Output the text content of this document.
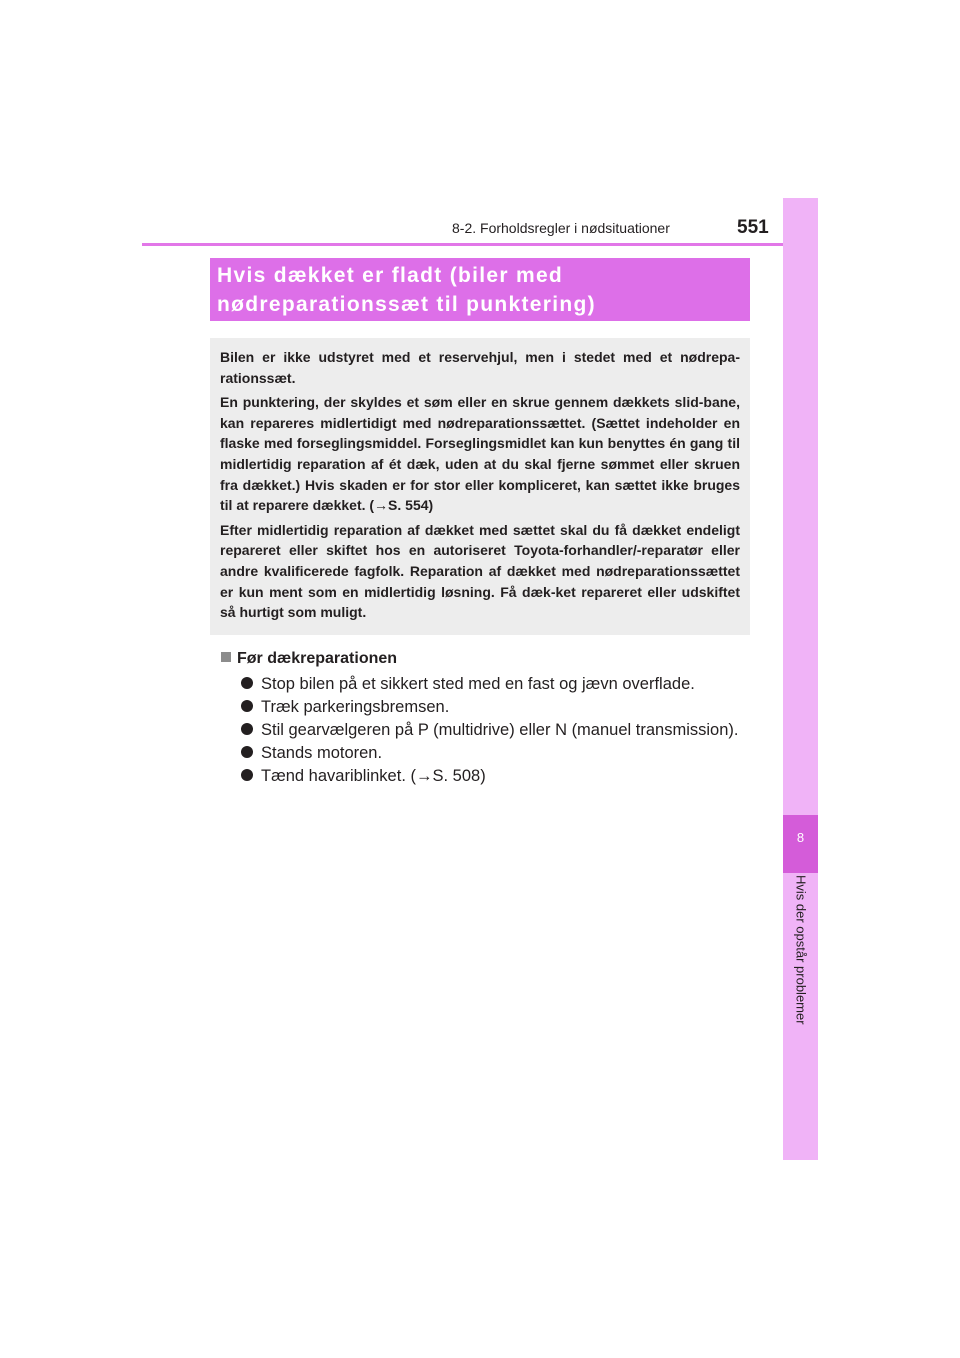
8-2. Forholdsregler i nødsituationer	551
8
Hvis der opstår problemer
Hvis dækket er fladt (biler med
nødreparationssæt til punktering)

Bilen er ikke udstyret med et reservehjul, men i stedet med et nødrepa-rationssæt.

En punktering, der skyldes et søm eller en skrue gennem dækkets slid-bane, kan repareres midlertidigt med nødreparationssættet. (Sættet indeholder en flaske med forseglingsmiddel. Forseglingsmidlet kan kun benyttes én gang til midlertidig reparation af ét dæk, uden at du skal fjerne sømmet eller skruen fra dækket.) Hvis skaden er for stor eller kompliceret, kan sættet ikke bruges til at reparere dækket. (→S. 554)

Efter midlertidig reparation af dækket med sættet skal du få dækket endeligt repareret eller skiftet hos en autoriseret Toyota-forhandler/-reparatør eller andre kvalificerede fagfolk. Reparation af dækket med nødreparationssættet er kun ment som en midlertidig løsning. Få dæk-ket repareret eller udskiftet så hurtigt som muligt.

Før dækreparationen
Stop bilen på et sikkert sted med en fast og jævn overflade.
Træk parkeringsbremsen.
Stil gearvælgeren på P (multidrive) eller N (manuel transmission).
Stands motoren.
Tænd havariblinket. (→S. 508)
